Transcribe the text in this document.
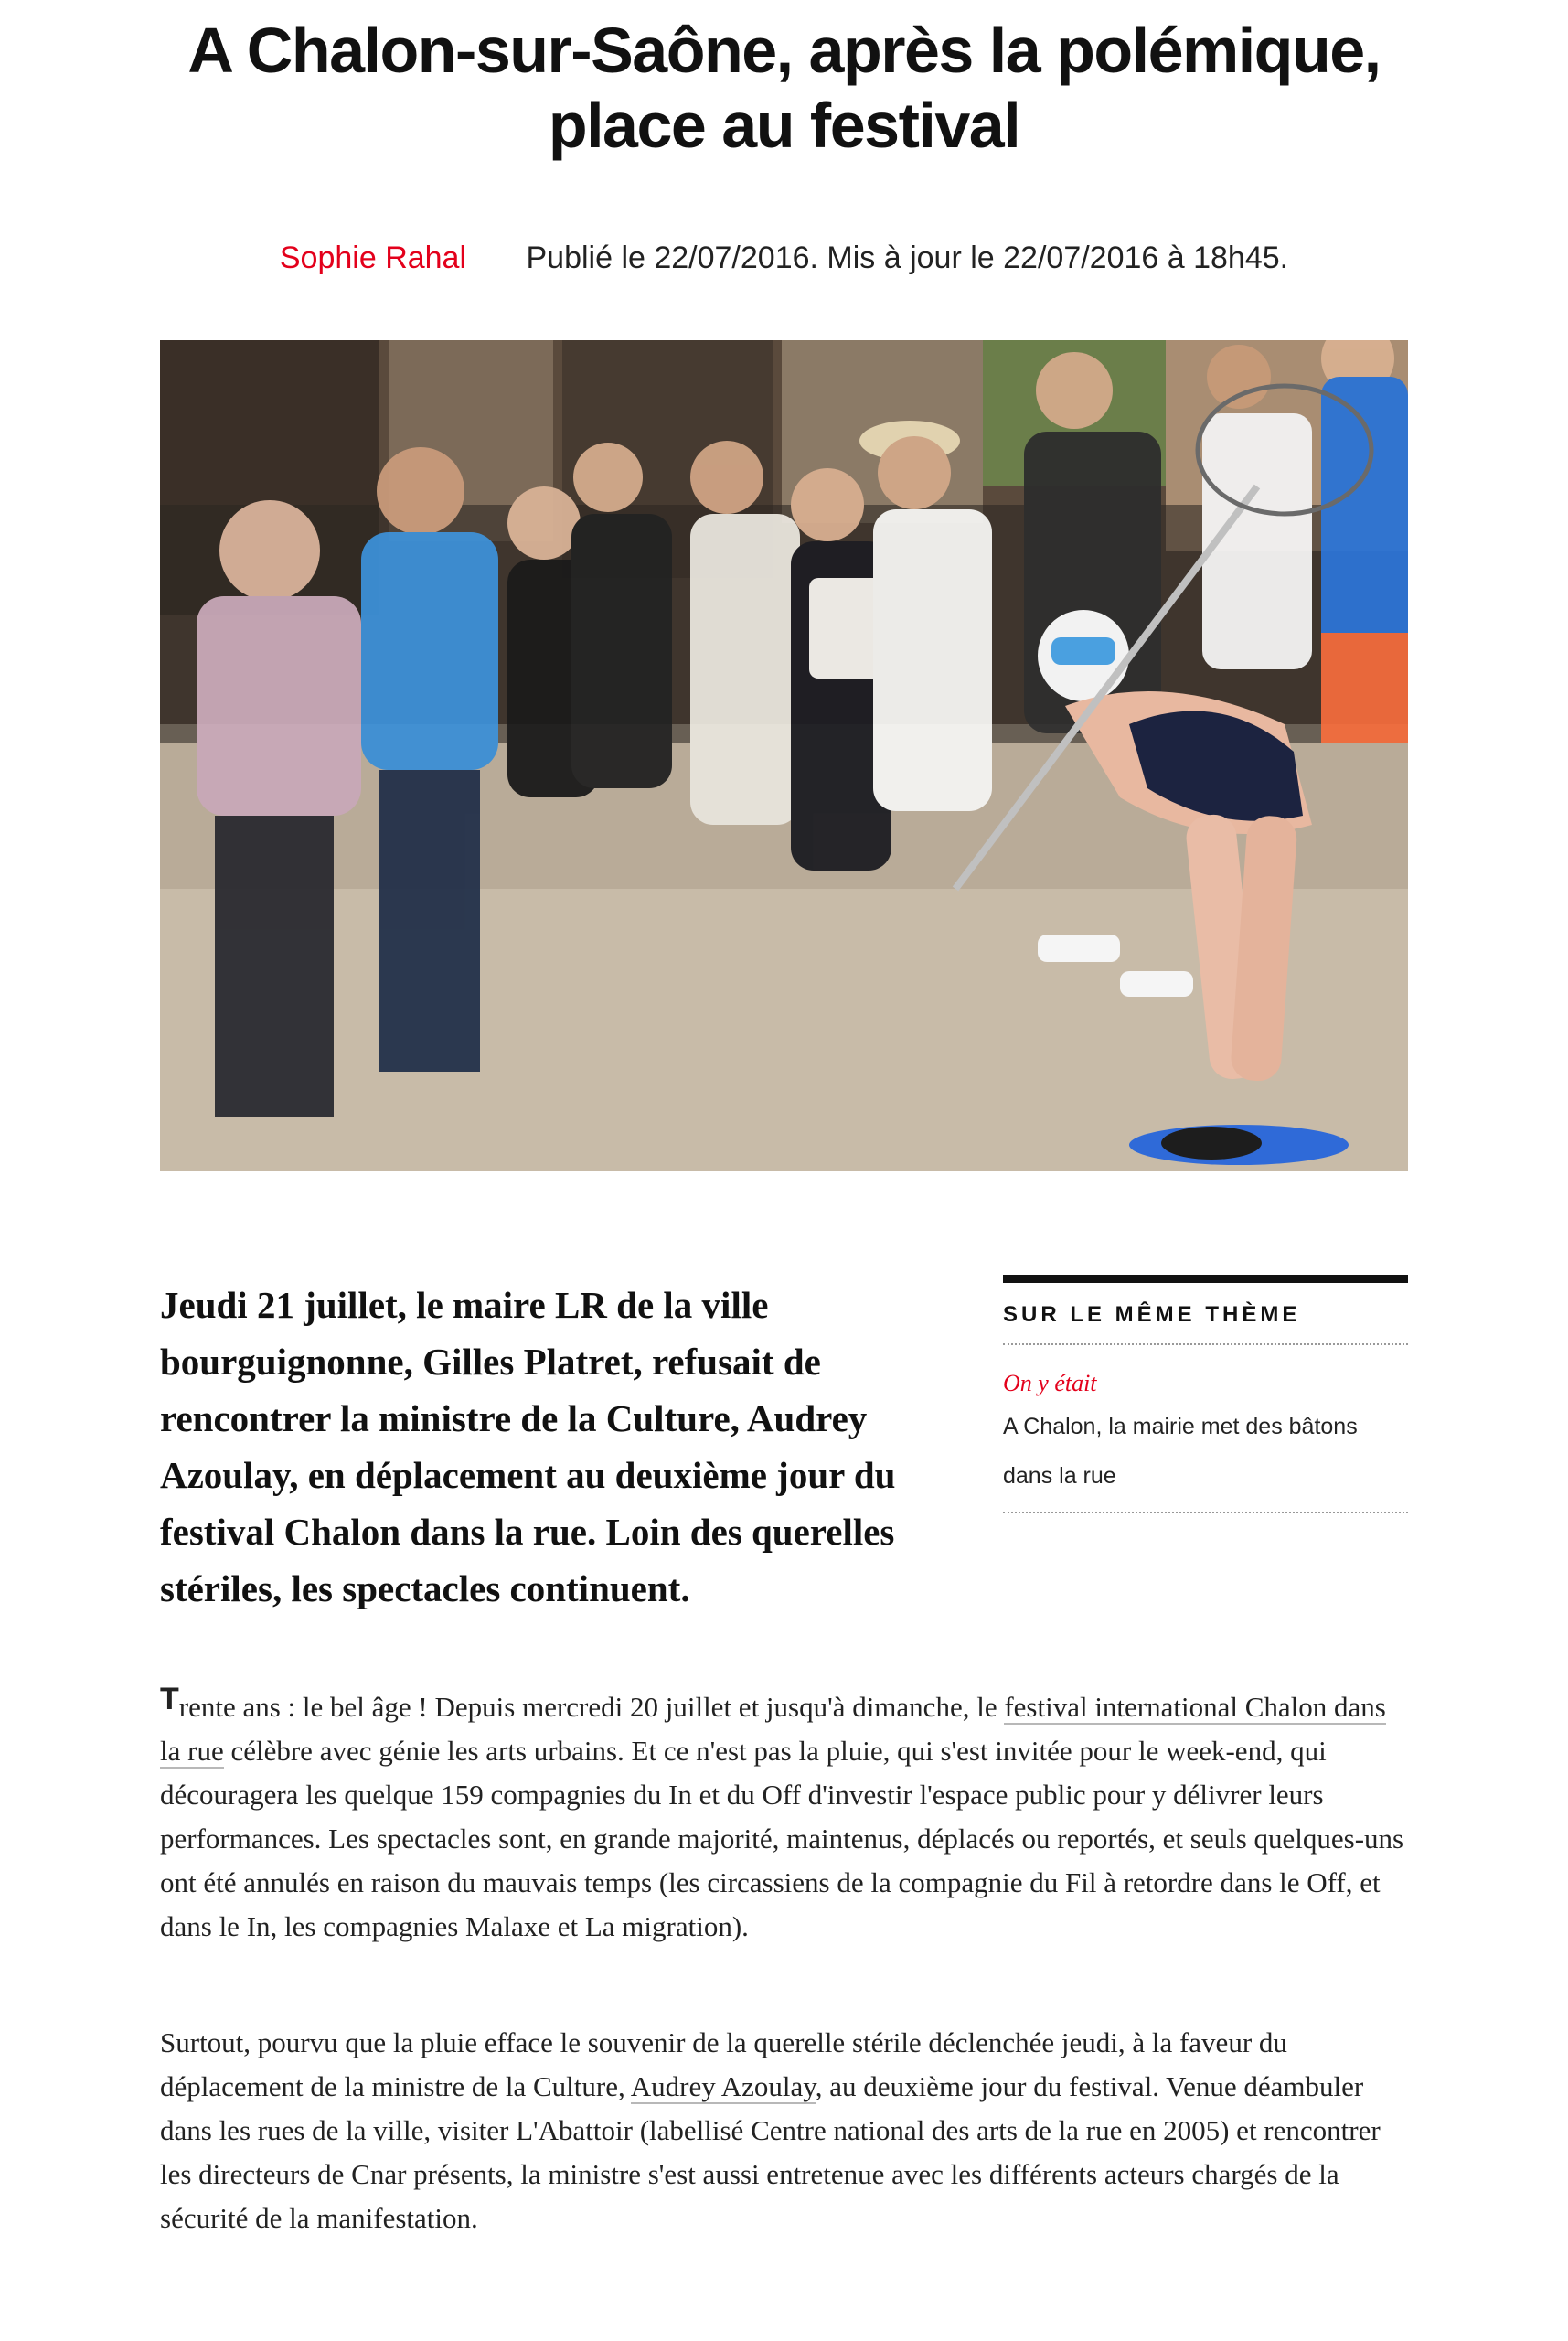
A Chalon-sur-Saône, après la polémique,
place au festival
Sophie Rahal Publié le 22/07/2016. Mis à jour le 22/07/2016 à 18h45.

Jeudi 21 juillet, le maire LR de la ville bourguignonne, Gilles Platret, refusait de rencontrer la ministre de la Culture, Audrey Azoulay, en déplacement au deuxième jour du festival Chalon dans la rue. Loin des querelles stériles, les spectacles continuent.

SUR LE MÊME THÈME
On y était
A Chalon, la mairie met des bâtons dans la rue

Trente ans : le bel âge ! Depuis mercredi 20 juillet et jusqu'à dimanche, le festival international Chalon dans la rue célèbre avec génie les arts urbains. Et ce n'est pas la pluie, qui s'est invitée pour le week-end, qui découragera les quelque 159 compagnies du In et du Off d'investir l'espace public pour y délivrer leurs performances. Les spectacles sont, en grande majorité, maintenus, déplacés ou reportés, et seuls quelques-uns ont été annulés en raison du mauvais temps (les circassiens de la compagnie du Fil à retordre dans le Off, et dans le In, les compagnies Malaxe et La migration).

Surtout, pourvu que la pluie efface le souvenir de la querelle stérile déclenchée jeudi, à la faveur du déplacement de la ministre de la Culture, Audrey Azoulay, au deuxième jour du festival. Venue déambuler dans les rues de la ville, visiter L'Abattoir (labellisé Centre national des arts de la rue en 2005) et rencontrer les directeurs de Cnar présents, la ministre s'est aussi entretenue avec les différents acteurs chargés de la sécurité de la manifestation.
